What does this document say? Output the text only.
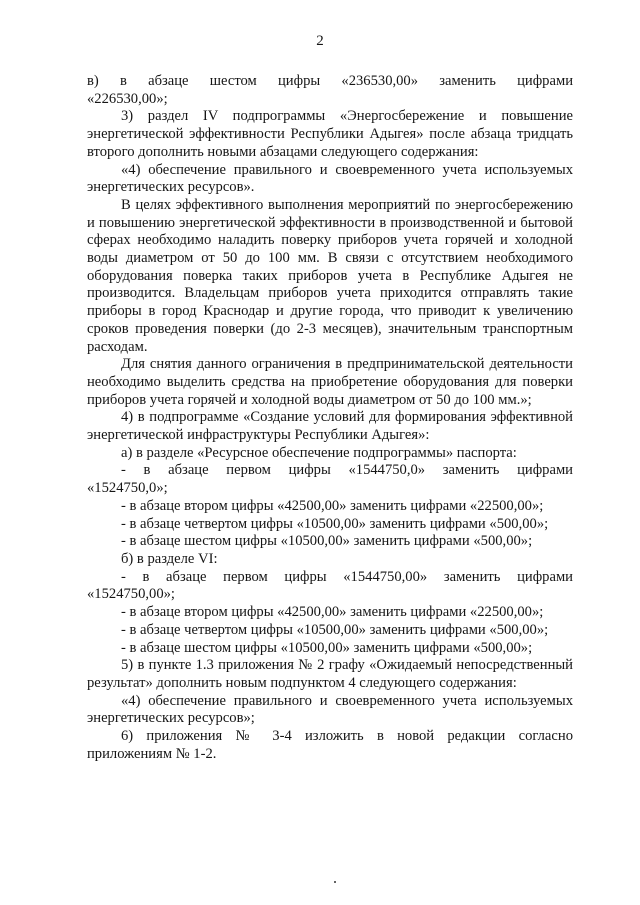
2

в) в абзаце шестом цифры «236530,00» заменить цифрами

«226530,00»;

3) раздел IV подпрограммы «Энергосбережение и повышение энергетической эффективности Республики Адыгея» после абзаца тридцать второго дополнить новыми абзацами следующего содержания:

«4) обеспечение правильного и своевременного учета используемых энергетических ресурсов».

В целях эффективного выполнения мероприятий по энергосбережению и повышению энергетической эффективности в производственной и бытовой сферах необходимо наладить поверку приборов учета горячей и холодной воды диаметром от 50 до 100 мм. В связи с отсутствием необходимого оборудования поверка таких приборов учета в Республике Адыгея не производится. Владельцам приборов учета приходится отправлять такие приборы в город Краснодар и другие города, что приводит к увеличению сроков проведения поверки (до 2-3 месяцев), значительным транспортным расходам.

Для снятия данного ограничения в предпринимательской деятельности необходимо выделить средства на приобретение оборудования для поверки приборов учета горячей и холодной воды диаметром от 50 до 100 мм.»;

4) в подпрограмме «Создание условий для формирования эффективной энергетической инфраструктуры Республики Адыгея»:

а) в разделе «Ресурсное обеспечение подпрограммы» паспорта:

- в абзаце первом цифры «1544750,0» заменить цифрами

«1524750,0»;

- в абзаце втором цифры «42500,00» заменить цифрами «22500,00»;

- в абзаце четвертом цифры «10500,00» заменить цифрами «500,00»;

- в абзаце шестом цифры «10500,00» заменить цифрами «500,00»;

б) в разделе VI:

- в абзаце первом цифры «1544750,00» заменить цифрами

«1524750,00»;

- в абзаце втором цифры «42500,00» заменить цифрами «22500,00»;

- в абзаце четвертом цифры «10500,00» заменить цифрами «500,00»;

- в абзаце шестом цифры «10500,00» заменить цифрами «500,00»;

5) в пункте 1.3 приложения № 2 графу «Ожидаемый непосредственный результат» дополнить новым подпунктом 4 следующего содержания:

«4) обеспечение правильного и своевременного учета используемых энергетических ресурсов»;

6) приложения № 3-4 изложить в новой редакции согласно приложениям № 1-2.
